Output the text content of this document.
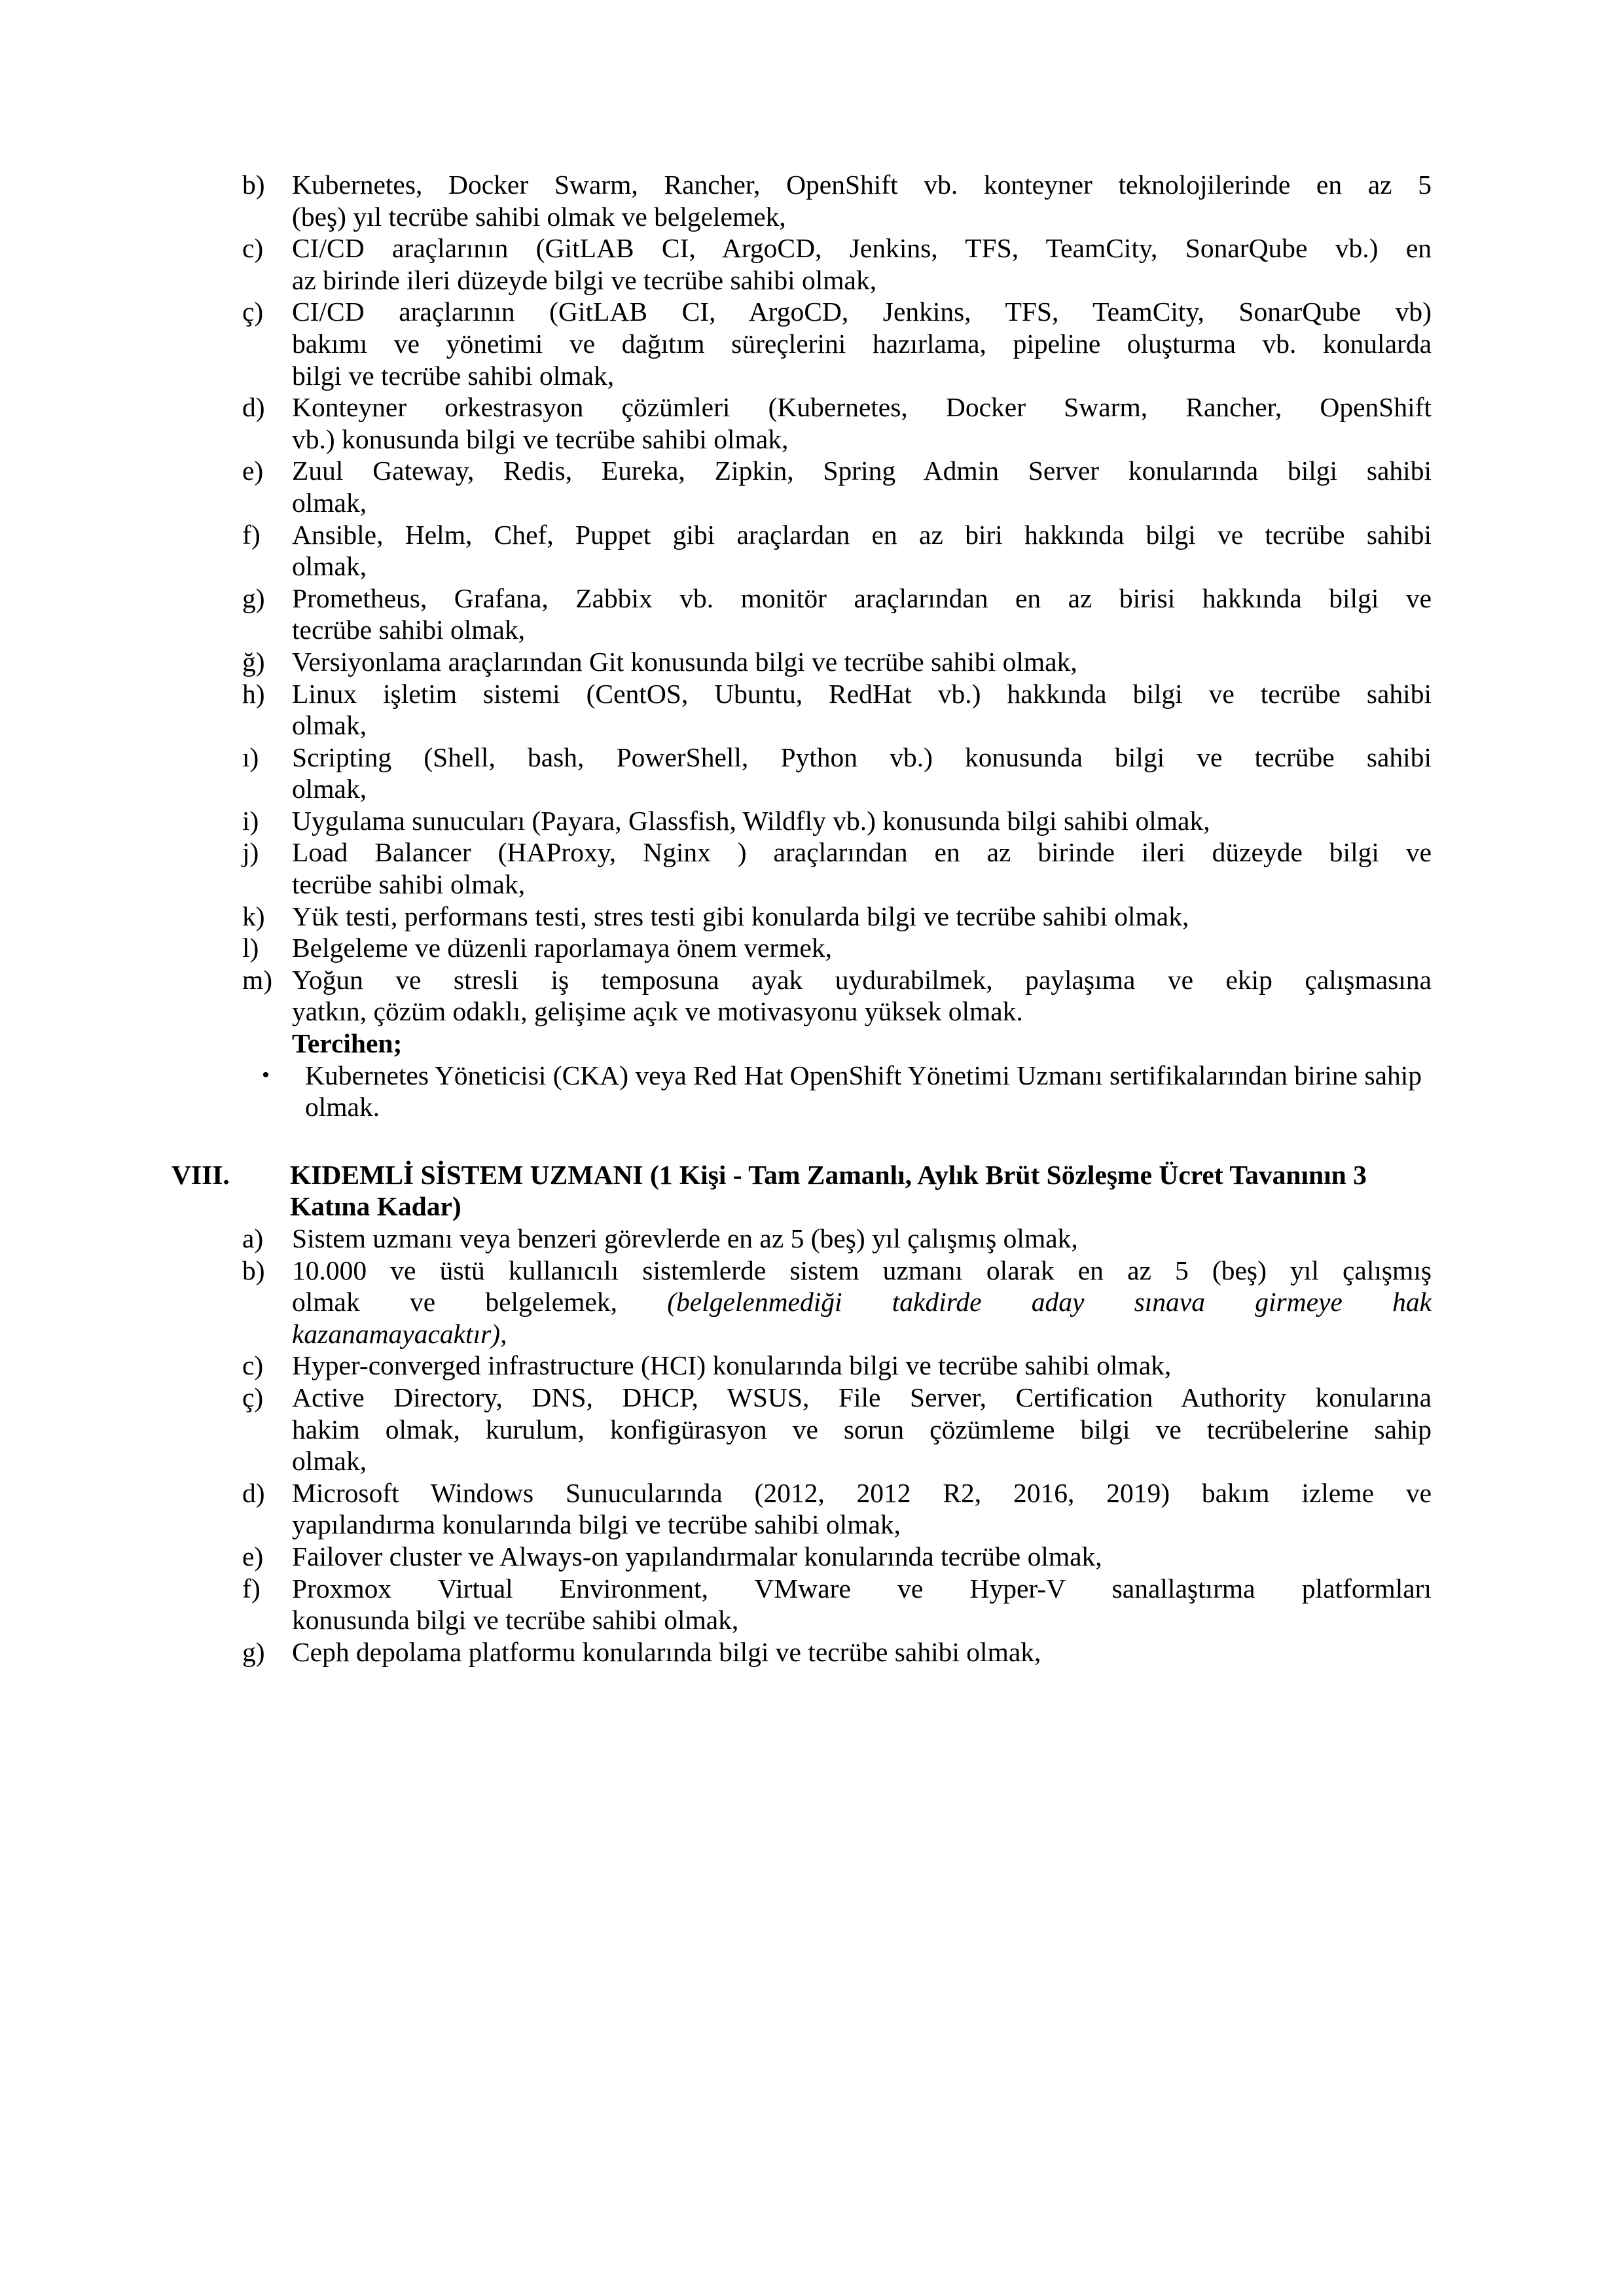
b) Kubernetes, Docker Swarm, Rancher, OpenShift vb. konteyner teknolojilerinde en az 5
(beş) yıl tecrübe sahibi olmak ve belgelemek,
c)	CI/CD araçlarının (GitLAB CI, ArgoCD, Jenkins, TFS, TeamCity, SonarQube vb.) en
az birinde ileri düzeyde bilgi ve tecrübe sahibi olmak,
ç)	CI/CD araçlarının (GitLAB CI, ArgoCD, Jenkins, TFS, TeamCity, SonarQube vb)
bakımı ve yönetimi ve dağıtım süreçlerini hazırlama, pipeline oluşturma vb. konularda
bilgi ve tecrübe sahibi olmak,
d) Konteyner orkestrasyon çözümleri (Kubernetes, Docker Swarm, Rancher, OpenShift
vb.) konusunda bilgi ve tecrübe sahibi olmak,
e)	Zuul Gateway, Redis, Eureka, Zipkin, Spring Admin Server konularında bilgi sahibi
olmak,
f)	Ansible, Helm, Chef, Puppet gibi araçlardan en az biri hakkında bilgi ve tecrübe sahibi
olmak,
g) Prometheus, Grafana, Zabbix vb. monitör araçlarından en az birisi hakkında bilgi ve
tecrübe sahibi olmak,
ğ) Versiyonlama araçlarından Git konusunda bilgi ve tecrübe sahibi olmak,
h) Linux işletim sistemi (CentOS, Ubuntu, RedHat vb.) hakkında bilgi ve tecrübe sahibi
olmak,
ı)	Scripting (Shell, bash, PowerShell, Python vb.) konusunda bilgi ve tecrübe sahibi
olmak,
i)	Uygulama sunucuları (Payara, Glassfish, Wildfly vb.) konusunda bilgi sahibi olmak,
j)	Load Balancer (HAProxy, Nginx ) araçlarından en az birinde ileri düzeyde bilgi ve
tecrübe sahibi olmak,
k) Yük testi, performans testi, stres testi gibi konularda bilgi ve tecrübe sahibi olmak,
l)	Belgeleme ve düzenli raporlamaya önem vermek,
m) Yoğun ve stresli iş temposuna ayak uydurabilmek, paylaşıma ve ekip çalışmasına
yatkın, çözüm odaklı, gelişime açık ve motivasyonu yüksek olmak.
Tercihen;
•	Kubernetes Yöneticisi (CKA) veya Red Hat OpenShift Yönetimi Uzmanı sertifikalarından birine sahip olmak.
VIII.	KIDEMLİ SİSTEM UZMANI (1 Kişi - Tam Zamanlı, Aylık Brüt Sözleşme Ücret Tavanının 3 Katına Kadar)
a)	Sistem uzmanı veya benzeri görevlerde en az 5 (beş) yıl çalışmış olmak,
b) 10.000 ve üstü kullanıcılı sistemlerde sistem uzmanı olarak en az 5 (beş) yıl çalışmış
olmak ve belgelemek, (belgelenmediği takdirde aday sınava girmeye hak
kazanamayacaktır),
c)	Hyper-converged infrastructure (HCI) konularında bilgi ve tecrübe sahibi olmak,
ç)	Active Directory, DNS, DHCP, WSUS, File Server, Certification Authority konularına
hakim olmak, kurulum, konfigürasyon ve sorun çözümleme bilgi ve tecrübelerine sahip
olmak,
d) Microsoft Windows Sunucularında (2012, 2012 R2, 2016, 2019) bakım izleme ve
yapılandırma konularında bilgi ve tecrübe sahibi olmak,
e)	Failover cluster ve Always-on yapılandırmalar konularında tecrübe olmak,
f)	Proxmox Virtual Environment, VMware ve Hyper-V sanallaştırma platformları
konusunda bilgi ve tecrübe sahibi olmak,
g) Ceph depolama platformu konularında bilgi ve tecrübe sahibi olmak,
